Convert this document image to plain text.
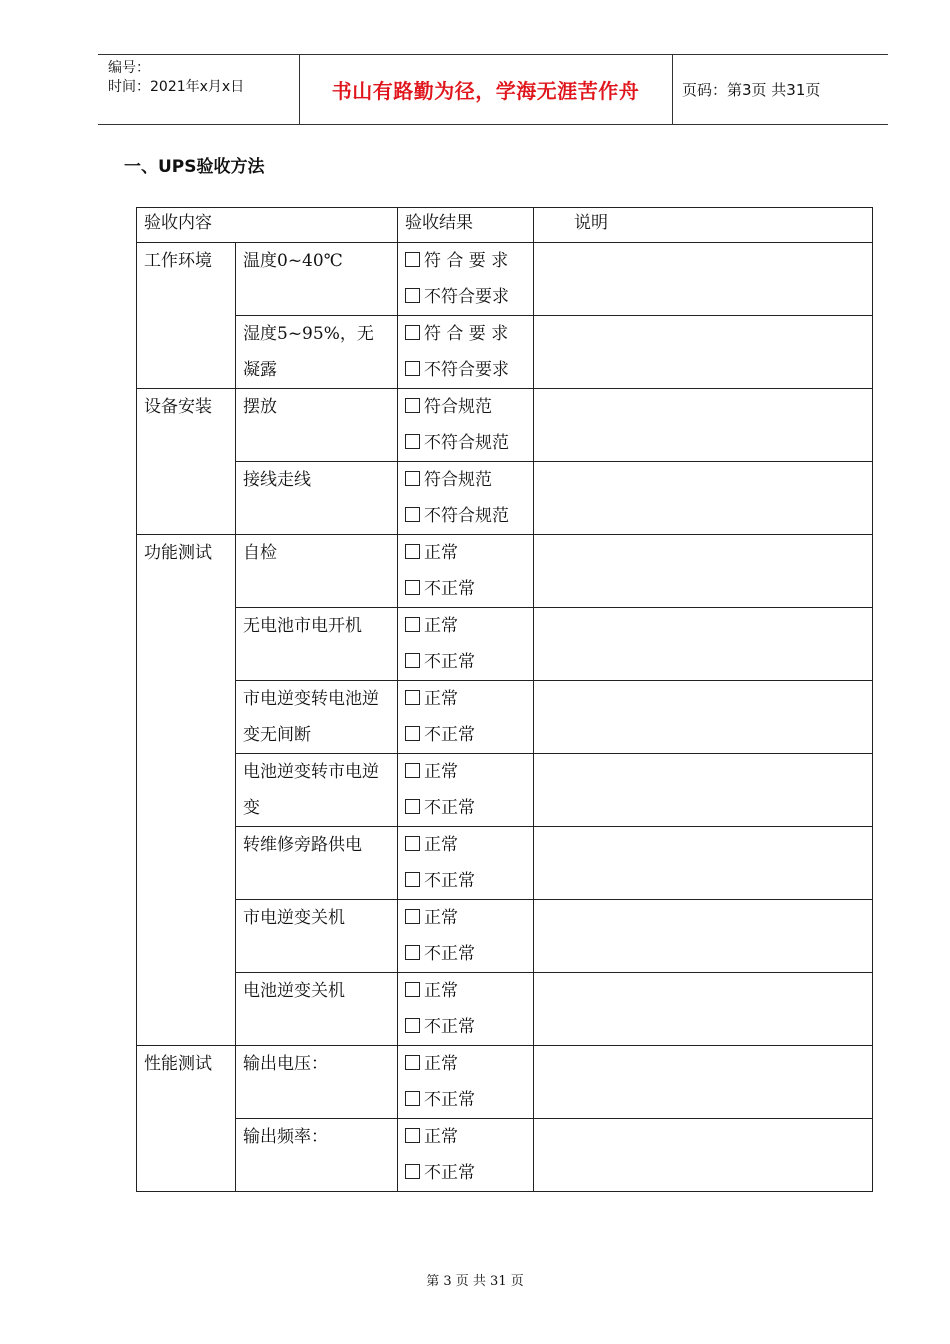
编号：
时间：2021年x月x日	书山有路勤为径，学海无涯苦作舟	页码：第3页 共31页
一、UPS验收方法
验收内容		验收结果	说明
工作环境	温度0~40℃	符 合 要 求
不符合要求	

	湿度5~95%，无凝露	符 合 要 求
不符合要求	

设备安装	摆放	符合规范
不符合规范	

	接线走线	符合规范
不符合规范	

功能测试	自检	正常
不正常	

	无电池市电开机	正常
不正常	

	市电逆变转电池逆变无间断	正常
不正常	

	电池逆变转市电逆变	正常
不正常	

	转维修旁路供电	正常
不正常	

	市电逆变关机	正常
不正常	

	电池逆变关机	正常
不正常	

性能测试	输出电压：	正常
不正常	

	输出频率：	正常
不正常	

第 3 页 共 31 页
